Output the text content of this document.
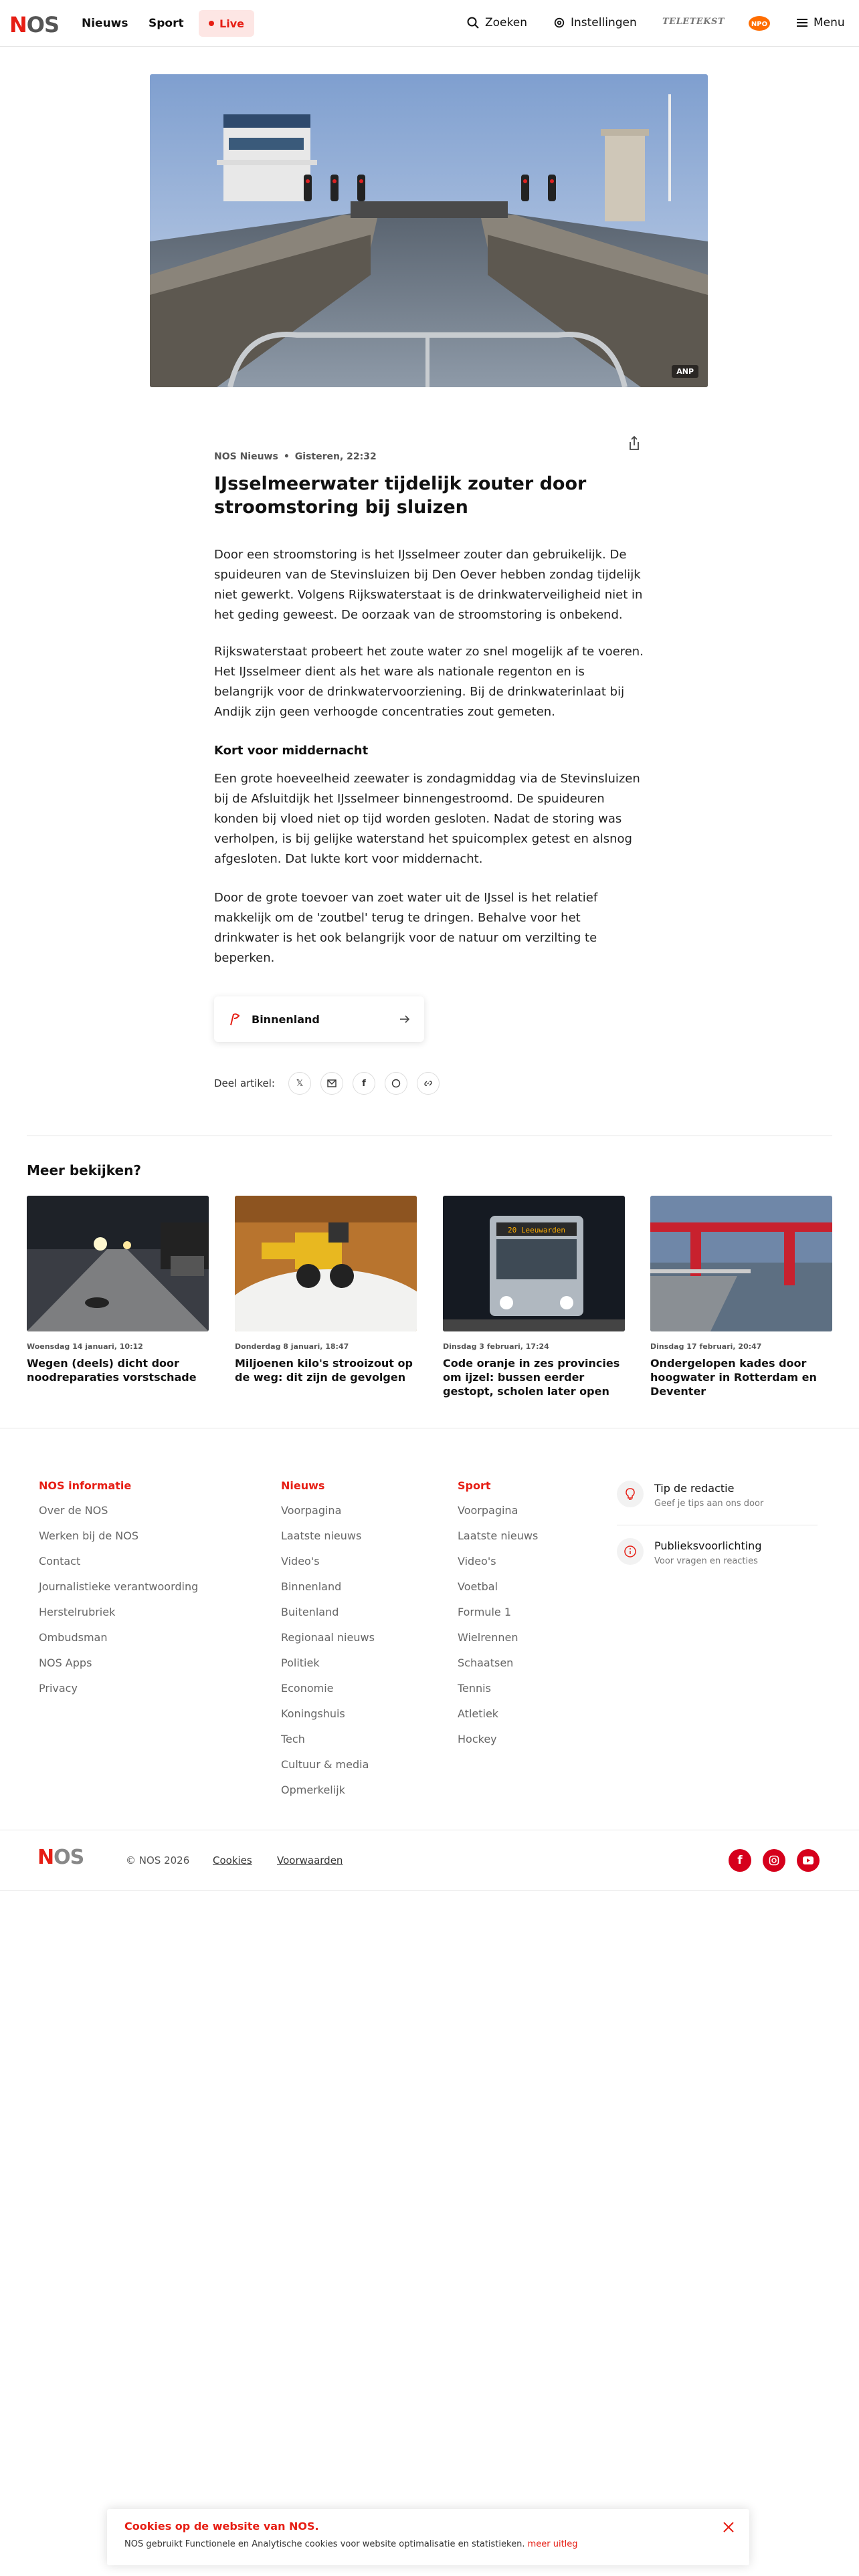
NOS Nieuws Sport	Live	Zoeken	Instellingen	TELETEKST	NPO	Menu
ANP
NOS Nieuws • Gisteren, 22:32
IJsselmeerwater tijdelijk zouter door stroomstoring bij sluizen

Door een stroomstoring is het IJsselmeer zouter dan gebruikelijk. De spuideuren van de Stevinsluizen bij Den Oever hebben zondag tijdelijk niet gewerkt. Volgens Rijkswaterstaat is de drinkwaterveiligheid niet in het geding geweest. De oorzaak van de stroomstoring is onbekend.

Rijkswaterstaat probeert het zoute water zo snel mogelijk af te voeren. Het IJsselmeer dient als het ware als nationale regenton en is belangrijk voor de drinkwatervoorziening. Bij de drinkwaterinlaat bij Andijk zijn geen verhoogde concentraties zout gemeten.

Kort voor middernacht

Een grote hoeveelheid zeewater is zondagmiddag via de Stevinsluizen bij de Afsluitdijk het IJsselmeer binnengestroomd. De spuideuren konden bij vloed niet op tijd worden gesloten. Nadat de storing was verholpen, is bij gelijke waterstand het spuicomplex getest en alsnog afgesloten. Dat lukte kort voor middernacht.

Door de grote toevoer van zoet water uit de IJssel is het relatief makkelijk om de 'zoutbel' terug te dringen. Behalve voor het drinkwater is het ook belangrijk voor de natuur om verzilting te beperken.

Binnenland
Deel artikel: 𝕏	f
Meer bekijken?
Woensdag 14 januari, 10:12
Wegen (deels) dicht door noodreparaties vorstschade
Donderdag 8 januari, 18:47
Miljoenen kilo's strooizout op de weg: dit zijn de gevolgen
20 Leeuwarden
Dinsdag 3 februari, 17:24
Code oranje in zes provincies om ijzel: bussen eerder gestopt, scholen later open
Dinsdag 17 februari, 20:47
Ondergelopen kades door hoogwater in Rotterdam en Deventer
NOS informatie
Over de NOS
Werken bij de NOS
Contact
Journalistieke verantwoording
Herstelrubriek
Ombudsman
NOS Apps
Privacy
Nieuws
Voorpagina
Laatste nieuws
Video's
Binnenland
Buitenland
Regionaal nieuws
Politiek
Economie
Koningshuis
Tech
Cultuur & media
Opmerkelijk
Sport
Voorpagina
Laatste nieuws
Video's
Voetbal
Formule 1
Wielrennen
Schaatsen
Tennis
Atletiek
Hockey
Tip de redactie
Geef je tips aan ons door
Publieksvoorlichting
Voor vragen en reacties
NOS	© NOS 2026 Cookies Voorwaarden	f
Cookies op de website van NOS.
NOS gebruikt Functionele en Analytische cookies voor website optimalisatie en statistieken. meer uitleg
